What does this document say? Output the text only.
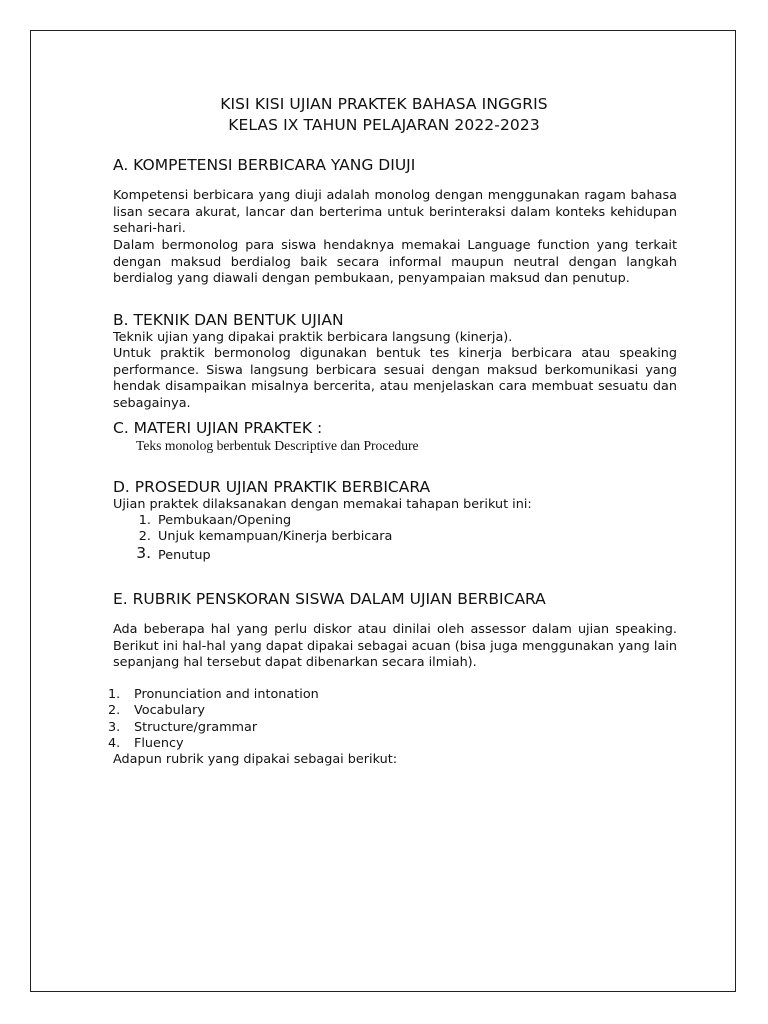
KISI KISI UJIAN PRAKTEK BAHASA INGGRIS
KELAS IX TAHUN PELAJARAN 2022-2023
A. KOMPETENSI BERBICARA YANG DIUJI
Kompetensi berbicara yang diuji adalah monolog dengan menggunakan ragam bahasa lisan secara akurat, lancar dan berterima untuk berinteraksi dalam konteks kehidupan sehari-hari.
Dalam bermonolog para siswa hendaknya memakai Language function yang terkait dengan maksud berdialog baik secara informal maupun neutral dengan langkah berdialog yang diawali dengan pembukaan, penyampaian maksud dan penutup.
B. TEKNIK DAN BENTUK UJIAN
Teknik ujian yang dipakai praktik berbicara langsung (kinerja).
Untuk praktik bermonolog digunakan bentuk tes kinerja berbicara atau speaking performance. Siswa langsung berbicara sesuai dengan maksud berkomunikasi yang hendak disampaikan misalnya bercerita, atau menjelaskan cara membuat sesuatu dan sebagainya.
C. MATERI UJIAN PRAKTEK :
Teks monolog berbentuk Descriptive dan Procedure
D. PROSEDUR UJIAN PRAKTIK BERBICARA
Ujian praktek dilaksanakan dengan memakai tahapan berikut ini:
1. Pembukaan/Opening
2. Unjuk kemampuan/Kinerja berbicara
3. Penutup
E. RUBRIK PENSKORAN SISWA DALAM UJIAN BERBICARA
Ada beberapa hal yang perlu diskor atau dinilai oleh assessor dalam ujian speaking. Berikut ini hal-hal yang dapat dipakai sebagai acuan (bisa juga menggunakan yang lain sepanjang hal tersebut dapat dibenarkan secara ilmiah).
1.	Pronunciation and intonation
2.	Vocabulary
3.	Structure/grammar
4.	Fluency
Adapun rubrik yang dipakai sebagai berikut:
